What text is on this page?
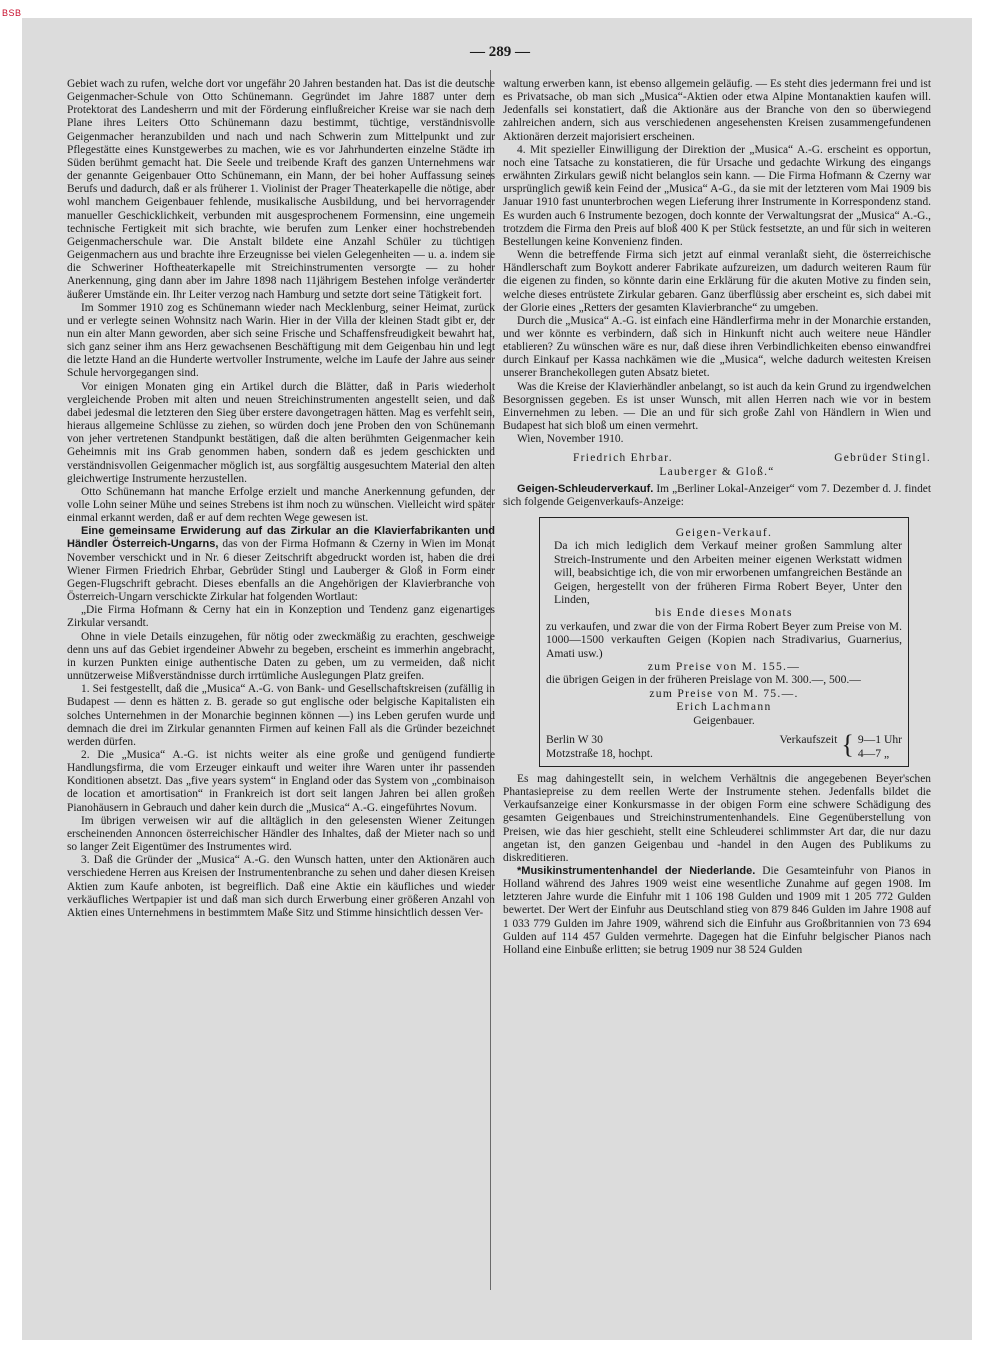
BSB
— 289 —

Gebiet wach zu rufen, welche dort vor ungefähr 20 Jahren bestanden hat. Das ist die deutsche Geigenmacher-Schule von Otto Schünemann. Gegründet im Jahre 1887 unter dem Protektorat des Landesherrn und mit der Förderung einflußreicher Kreise war sie nach dem Plane ihres Leiters Otto Schünemann dazu bestimmt, tüchtige, verständnisvolle Geigenmacher heranzubilden und nach und nach Schwerin zum Mittelpunkt und zur Pflegestätte eines Kunstgewerbes zu machen, wie es vor Jahrhunderten einzelne Städte im Süden berühmt gemacht hat. Die Seele und treibende Kraft des ganzen Unternehmens war der genannte Geigenbauer Otto Schünemann, ein Mann, der bei hoher Auffassung seines Berufs und dadurch, daß er als früherer 1. Violinist der Prager Theaterkapelle die nötige, aber wohl manchem Geigenbauer fehlende, musikalische Ausbildung, und bei hervorragender manueller Geschicklichkeit, verbunden mit ausgesprochenem Formensinn, eine ungemein technische Fertigkeit mit sich brachte, wie berufen zum Lenker einer hochstrebenden Geigenmacherschule war. Die Anstalt bildete eine Anzahl Schüler zu tüchtigen Geigenmachern aus und brachte ihre Erzeugnisse bei vielen Gelegenheiten — u. a. indem sie die Schweriner Hoftheaterkapelle mit Streichinstrumenten versorgte — zu hoher Anerkennung, ging dann aber im Jahre 1898 nach 11jährigem Bestehen infolge veränderter äußerer Umstände ein. Ihr Leiter verzog nach Hamburg und setzte dort seine Tätigkeit fort.

Im Sommer 1910 zog es Schünemann wieder nach Mecklenburg, seiner Heimat, zurück und er verlegte seinen Wohnsitz nach Warin. Hier in der Villa der kleinen Stadt gibt er, der nun ein alter Mann geworden, aber sich seine Frische und Schaffensfreudigkeit bewahrt hat, sich ganz seiner ihm ans Herz gewachsenen Beschäftigung mit dem Geigenbau hin und legt die letzte Hand an die Hunderte wertvoller Instrumente, welche im Laufe der Jahre aus seiner Schule hervorgegangen sind.

Vor einigen Monaten ging ein Artikel durch die Blätter, daß in Paris wiederholt vergleichende Proben mit alten und neuen Streichinstrumenten angestellt seien, und daß dabei jedesmal die letzteren den Sieg über erstere davongetragen hätten. Mag es verfehlt sein, hieraus allgemeine Schlüsse zu ziehen, so würden doch jene Proben den von Schünemann von jeher vertretenen Standpunkt bestätigen, daß die alten berühmten Geigenmacher kein Geheimnis mit ins Grab genommen haben, sondern daß es jedem geschickten und verständnisvollen Geigenmacher möglich ist, aus sorgfältig ausgesuchtem Material den alten gleichwertige Instrumente herzustellen.

Otto Schünemann hat manche Erfolge erzielt und manche Anerkennung gefunden, der volle Lohn seiner Mühe und seines Strebens ist ihm noch zu wünschen. Vielleicht wird später einmal erkannt werden, daß er auf dem rechten Wege gewesen ist.

Eine gemeinsame Erwiderung auf das Zirkular an die Klavierfabrikanten und Händler Österreich-Ungarns, das von der Firma Hofmann & Czerny in Wien im Monat November verschickt und in Nr. 6 dieser Zeitschrift abgedruckt worden ist, haben die drei Wiener Firmen Friedrich Ehrbar, Gebrüder Stingl und Lauberger & Gloß in Form einer Gegen-Flugschrift gebracht. Dieses ebenfalls an die Angehörigen der Klavierbranche von Österreich-Ungarn verschickte Zirkular hat folgenden Wortlaut:

„Die Firma Hofmann & Cerny hat ein in Konzeption und Tendenz ganz eigenartiges Zirkular versandt.

Ohne in viele Details einzugehen, für nötig oder zweckmäßig zu erachten, geschweige denn uns auf das Gebiet irgendeiner Abwehr zu begeben, erscheint es immerhin angebracht, in kurzen Punkten einige authentische Daten zu geben, um zu vermeiden, daß nicht unnützerweise Mißverständnisse durch irrtümliche Auslegungen Platz greifen.

1. Sei festgestellt, daß die „Musica“ A.-G. von Bank- und Gesellschaftskreisen (zufällig in Budapest — denn es hätten z. B. gerade so gut englische oder belgische Kapitalisten ein solches Unternehmen in der Monarchie beginnen können —) ins Leben gerufen wurde und demnach die drei im Zirkular genannten Firmen auf keinen Fall als die Gründer bezeichnet werden dürfen.

2. Die „Musica“ A.-G. ist nichts weiter als eine große und genügend fundierte Handlungsfirma, die vom Erzeuger einkauft und weiter ihre Waren unter ihr passenden Konditionen absetzt. Das „five years system“ in England oder das System von „combinaison de location et amortisation“ in Frankreich ist dort seit langen Jahren bei allen großen Pianohäusern in Gebrauch und daher kein durch die „Musica“ A.-G. eingeführtes Novum.

Im übrigen verweisen wir auf die alltäglich in den gelesensten Wiener Zeitungen erscheinenden Annoncen österreichischer Händler des Inhaltes, daß der Mieter nach so und so langer Zeit Eigentümer des Instrumentes wird.

3. Daß die Gründer der „Musica“ A.-G. den Wunsch hatten, unter den Aktionären auch verschiedene Herren aus Kreisen der Instrumentenbranche zu sehen und daher diesen Kreisen Aktien zum Kaufe anboten, ist begreiflich. Daß eine Aktie ein käufliches und wieder verkäufliches Wertpapier ist und daß man sich durch Erwerbung einer größeren Anzahl von Aktien eines Unternehmens in bestimmtem Maße Sitz und Stimme hinsichtlich dessen Ver-

waltung erwerben kann, ist ebenso allgemein geläufig. — Es steht dies jedermann frei und ist es Privatsache, ob man sich „Musica“-Aktien oder etwa Alpine Montanaktien kaufen will. Jedenfalls sei konstatiert, daß die Aktionäre aus der Branche von den so überwiegend zahlreichen andern, sich aus verschiedenen angesehensten Kreisen zusammengefundenen Aktionären derzeit majorisiert erscheinen.

4. Mit spezieller Einwilligung der Direktion der „Musica“ A.-G. erscheint es opportun, noch eine Tatsache zu konstatieren, die für Ursache und gedachte Wirkung des eingangs erwähnten Zirkulars gewiß nicht belanglos sein kann. — Die Firma Hofmann & Czerny war ursprünglich gewiß kein Feind der „Musica“ A-G., da sie mit der letzteren vom Mai 1909 bis Januar 1910 fast ununterbrochen wegen Lieferung ihrer Instrumente in Korrespondenz stand. Es wurden auch 6 Instrumente bezogen, doch konnte der Verwaltungsrat der „Musica“ A.-G., trotzdem die Firma den Preis auf bloß 400 K per Stück festsetzte, an und für sich in weiteren Bestellungen keine Konvenienz finden.

Wenn die betreffende Firma sich jetzt auf einmal veranlaßt sieht, die österreichische Händlerschaft zum Boykott anderer Fabrikate aufzureizen, um dadurch weiteren Raum für die eigenen zu finden, so könnte darin eine Erklärung für die akuten Motive zu finden sein, welche dieses entrüstete Zirkular gebaren. Ganz überflüssig aber erscheint es, sich dabei mit der Glorie eines „Retters der gesamten Klavierbranche“ zu umgeben.

Durch die „Musica“ A.-G. ist einfach eine Händlerfirma mehr in der Monarchie erstanden, und wer könnte es verbindern, daß sich in Hinkunft nicht auch weitere neue Händler etablieren? Zu wünschen wäre es nur, daß diese ihren Verbindlichkeiten ebenso einwandfrei durch Einkauf per Kassa nachkämen wie die „Musica“, welche dadurch weitesten Kreisen unserer Branchekollegen guten Absatz bietet.

Was die Kreise der Klavierhändler anbelangt, so ist auch da kein Grund zu irgendwelchen Besorgnissen gegeben. Es ist unser Wunsch, mit allen Herren nach wie vor in bestem Einvernehmen zu leben. — Die an und für sich große Zahl von Händlern in Wien und Budapest hat sich bloß um einen vermehrt.

Wien, November 1910.

Friedrich Ehrbar.	Gebrüder Stingl.
Lauberger & Gloß.“

Geigen-Schleuderverkauf. Im „Berliner Lokal-Anzeiger“ vom 7. Dezember d. J. findet sich folgende Geigenverkaufs-Anzeige:

Geigen-Verkauf.
Da ich mich lediglich dem Verkauf meiner großen Sammlung alter Streich-Instrumente und den Arbeiten meiner eigenen Werkstatt widmen will, beabsichtige ich, die von mir erworbenen umfangreichen Bestände an Geigen, hergestellt von der früheren Firma Robert Beyer, Unter den Linden,
bis Ende dieses Monats
zu verkaufen, und zwar die von der Firma Robert Beyer zum Preise von M. 1000—1500 verkauften Geigen (Kopien nach Stradivarius, Guarnerius, Amati usw.)
zum Preise von M. 155.—
die übrigen Geigen in der früheren Preislage von M. 300.—, 500.—
zum Preise von M. 75.—.
Erich Lachmann
Geigenbauer.
Berlin W 30
Motzstraße 18, hochpt.
Verkaufszeit { 9—1 Uhr
4—7 „

Es mag dahingestellt sein, in welchem Verhältnis die angegebenen Beyer'schen Phantasiepreise zu dem reellen Werte der Instrumente stehen. Jedenfalls bildet die Verkaufsanzeige einer Konkursmasse in der obigen Form eine schwere Schädigung des gesamten Geigenbaues und Streichinstrumentenhandels. Eine Gegenüberstellung von Preisen, wie das hier geschieht, stellt eine Schleuderei schlimmster Art dar, die nur dazu angetan ist, den ganzen Geigenbau und -handel in den Augen des Publikums zu diskreditieren.

*Musikinstrumentenhandel der Niederlande. Die Gesamteinfuhr von Pianos in Holland während des Jahres 1909 weist eine wesentliche Zunahme auf gegen 1908. Im letzteren Jahre wurde die Einfuhr mit 1 106 198 Gulden und 1909 mit 1 205 772 Gulden bewertet. Der Wert der Einfuhr aus Deutschland stieg von 879 846 Gulden im Jahre 1908 auf 1 033 779 Gulden im Jahre 1909, während sich die Einfuhr aus Großbritannien von 73 694 Gulden auf 114 457 Gulden vermehrte. Dagegen hat die Einfuhr belgischer Pianos nach Holland eine Einbuße erlitten; sie betrug 1909 nur 38 524 Gulden
